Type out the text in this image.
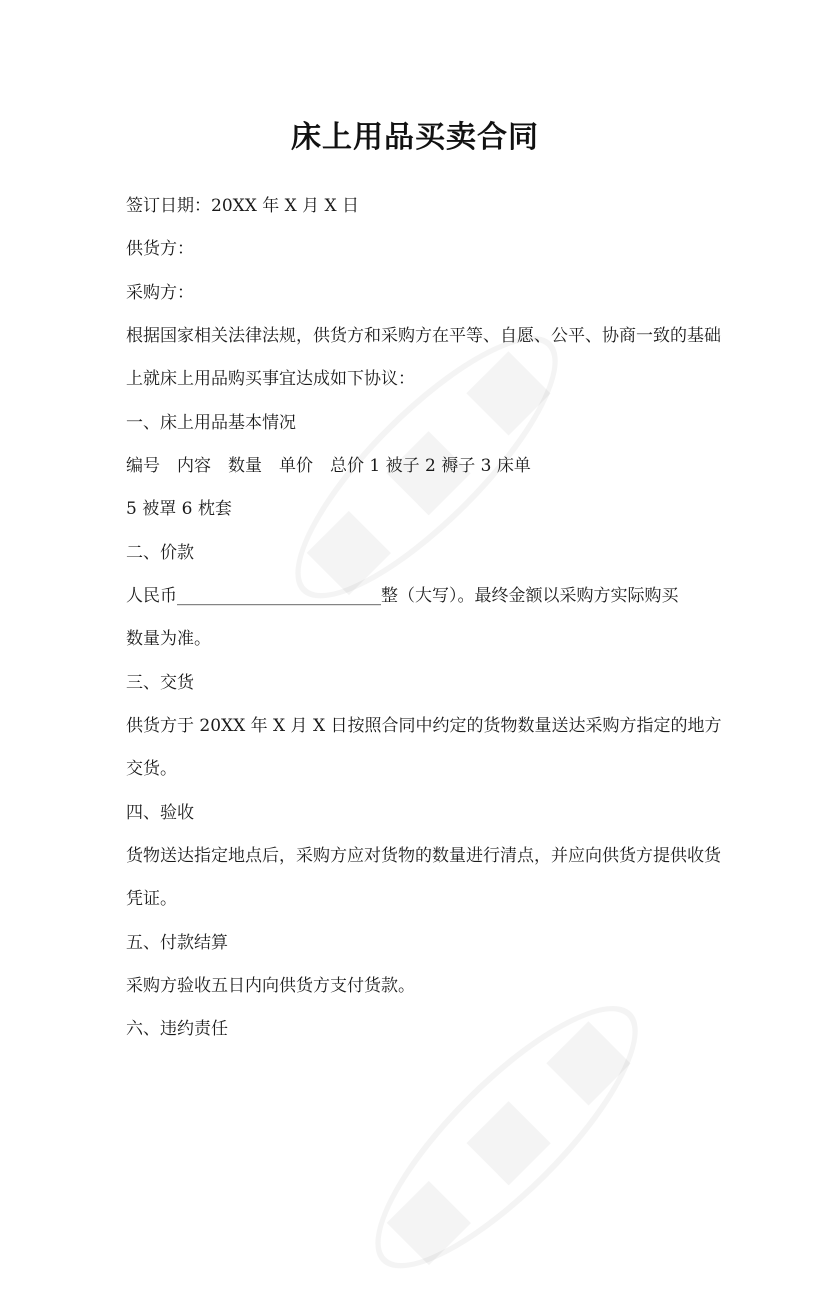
床上用品买卖合同
签订日期：20XX 年 X 月 X 日
供货方：
采购方：
根据国家相关法律法规，供货方和采购方在平等、自愿、公平、协商一致的基础
上就床上用品购买事宜达成如下协议：
一、床上用品基本情况
编号　内容　数量　单价　总价 1 被子 2 褥子 3 床单
5 被罩 6 枕套
二、价款
人民币________________________整（大写）。最终金额以采购方实际购买
数量为准。
三、交货
供货方于 20XX 年 X 月 X 日按照合同中约定的货物数量送达采购方指定的地方
交货。
四、验收
货物送达指定地点后，采购方应对货物的数量进行清点，并应向供货方提供收货
凭证。
五、付款结算
采购方验收五日内向供货方支付货款。
六、违约责任
